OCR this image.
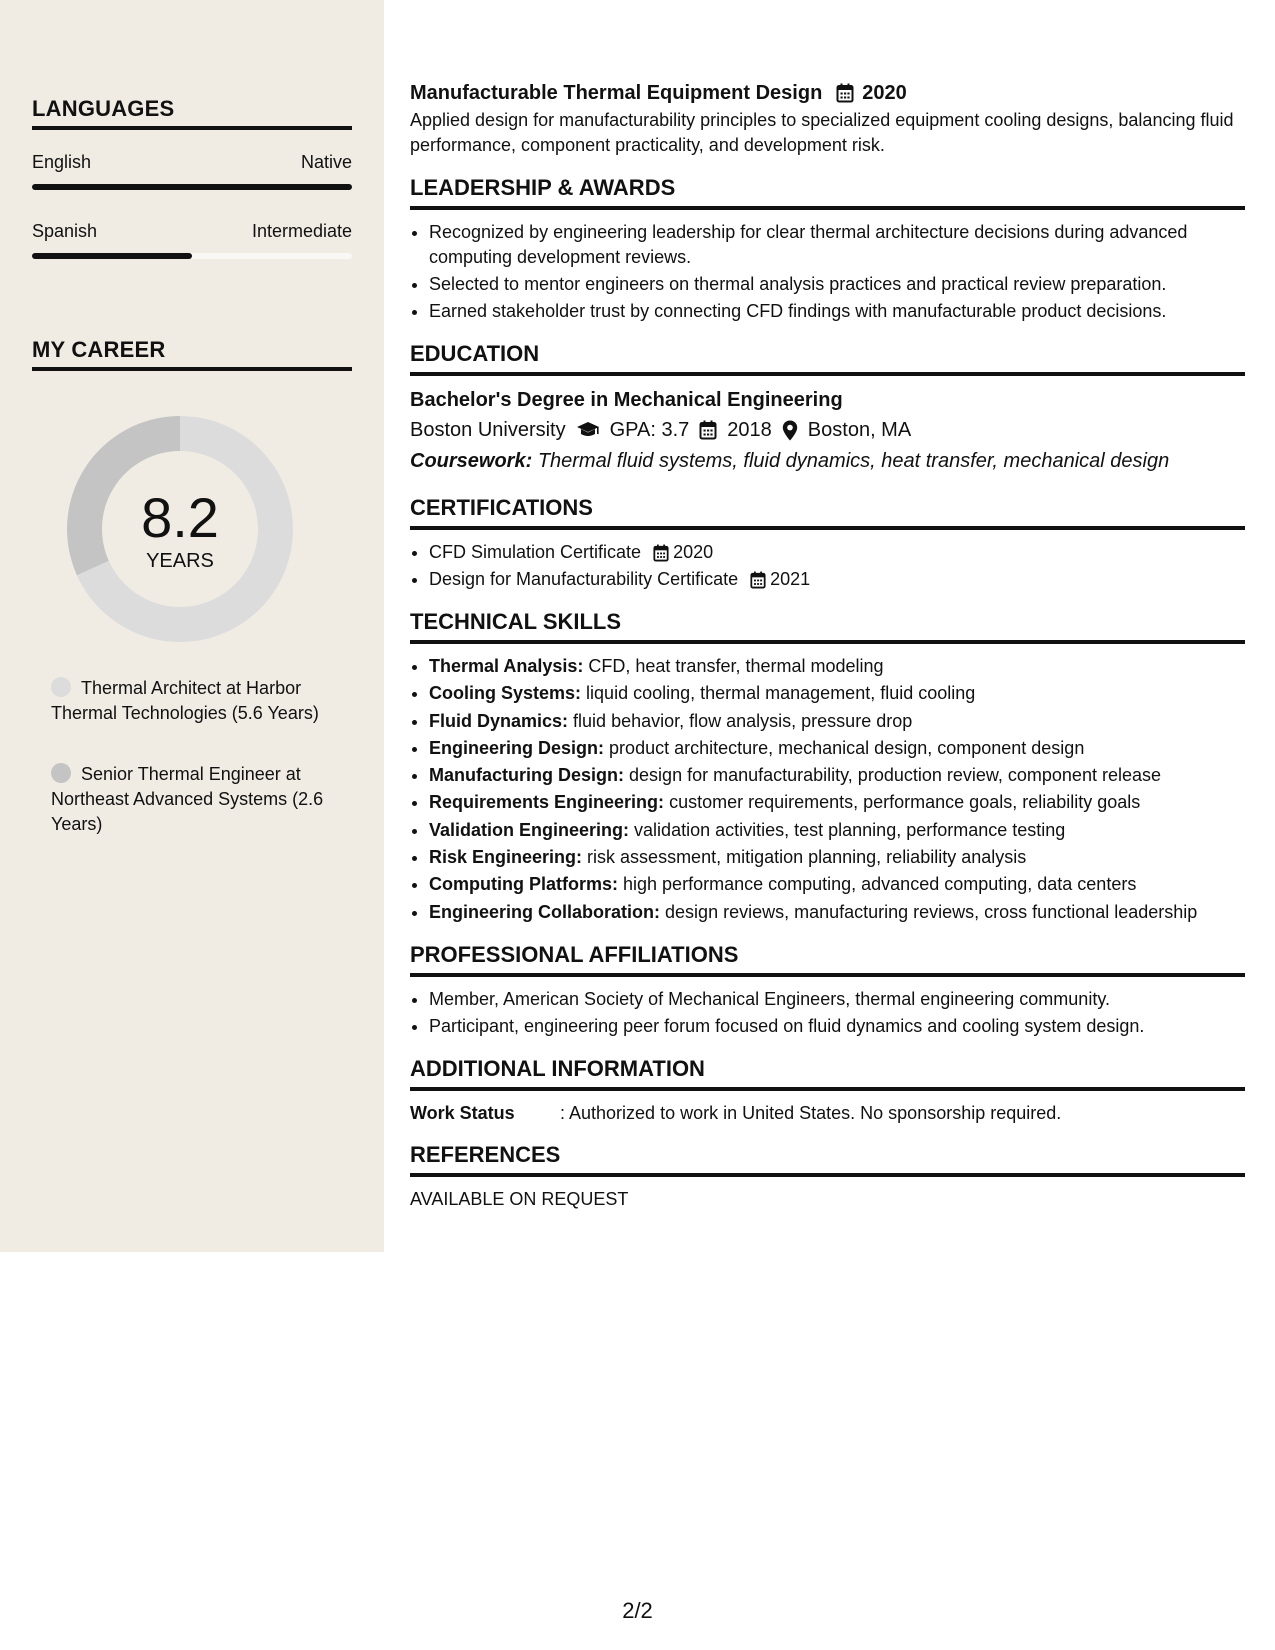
LANGUAGES
English	Native
Spanish	Intermediate
MY CAREER
8.2
YEARS
Thermal Architect at Harbor Thermal Technologies (5.6 Years)
Senior Thermal Engineer at Northeast Advanced Systems (2.6 Years)
Manufacturable Thermal Equipment Design 2020
Applied design for manufacturability principles to specialized equipment cooling designs, balancing fluid performance, component practicality, and development risk.
LEADERSHIP & AWARDS
• Recognized by engineering leadership for clear thermal architecture decisions during advanced computing development reviews.
• Selected to mentor engineers on thermal analysis practices and practical review preparation.
• Earned stakeholder trust by connecting CFD findings with manufacturable product decisions.
EDUCATION
Bachelor's Degree in Mechanical Engineering
Boston University GPA: 3.7 2018 Boston, MA
Coursework: Thermal fluid systems, fluid dynamics, heat transfer, mechanical design
CERTIFICATIONS
• CFD Simulation Certificate 2020
• Design for Manufacturability Certificate 2021
TECHNICAL SKILLS
• Thermal Analysis: CFD, heat transfer, thermal modeling
• Cooling Systems: liquid cooling, thermal management, fluid cooling
• Fluid Dynamics: fluid behavior, flow analysis, pressure drop
• Engineering Design: product architecture, mechanical design, component design
• Manufacturing Design: design for manufacturability, production review, component release
• Requirements Engineering: customer requirements, performance goals, reliability goals
• Validation Engineering: validation activities, test planning, performance testing
• Risk Engineering: risk assessment, mitigation planning, reliability analysis
• Computing Platforms: high performance computing, advanced computing, data centers
• Engineering Collaboration: design reviews, manufacturing reviews, cross functional leadership
PROFESSIONAL AFFILIATIONS
• Member, American Society of Mechanical Engineers, thermal engineering community.
• Participant, engineering peer forum focused on fluid dynamics and cooling system design.
ADDITIONAL INFORMATION
Work Status	: Authorized to work in United States. No sponsorship required.
REFERENCES
AVAILABLE ON REQUEST
2/2
